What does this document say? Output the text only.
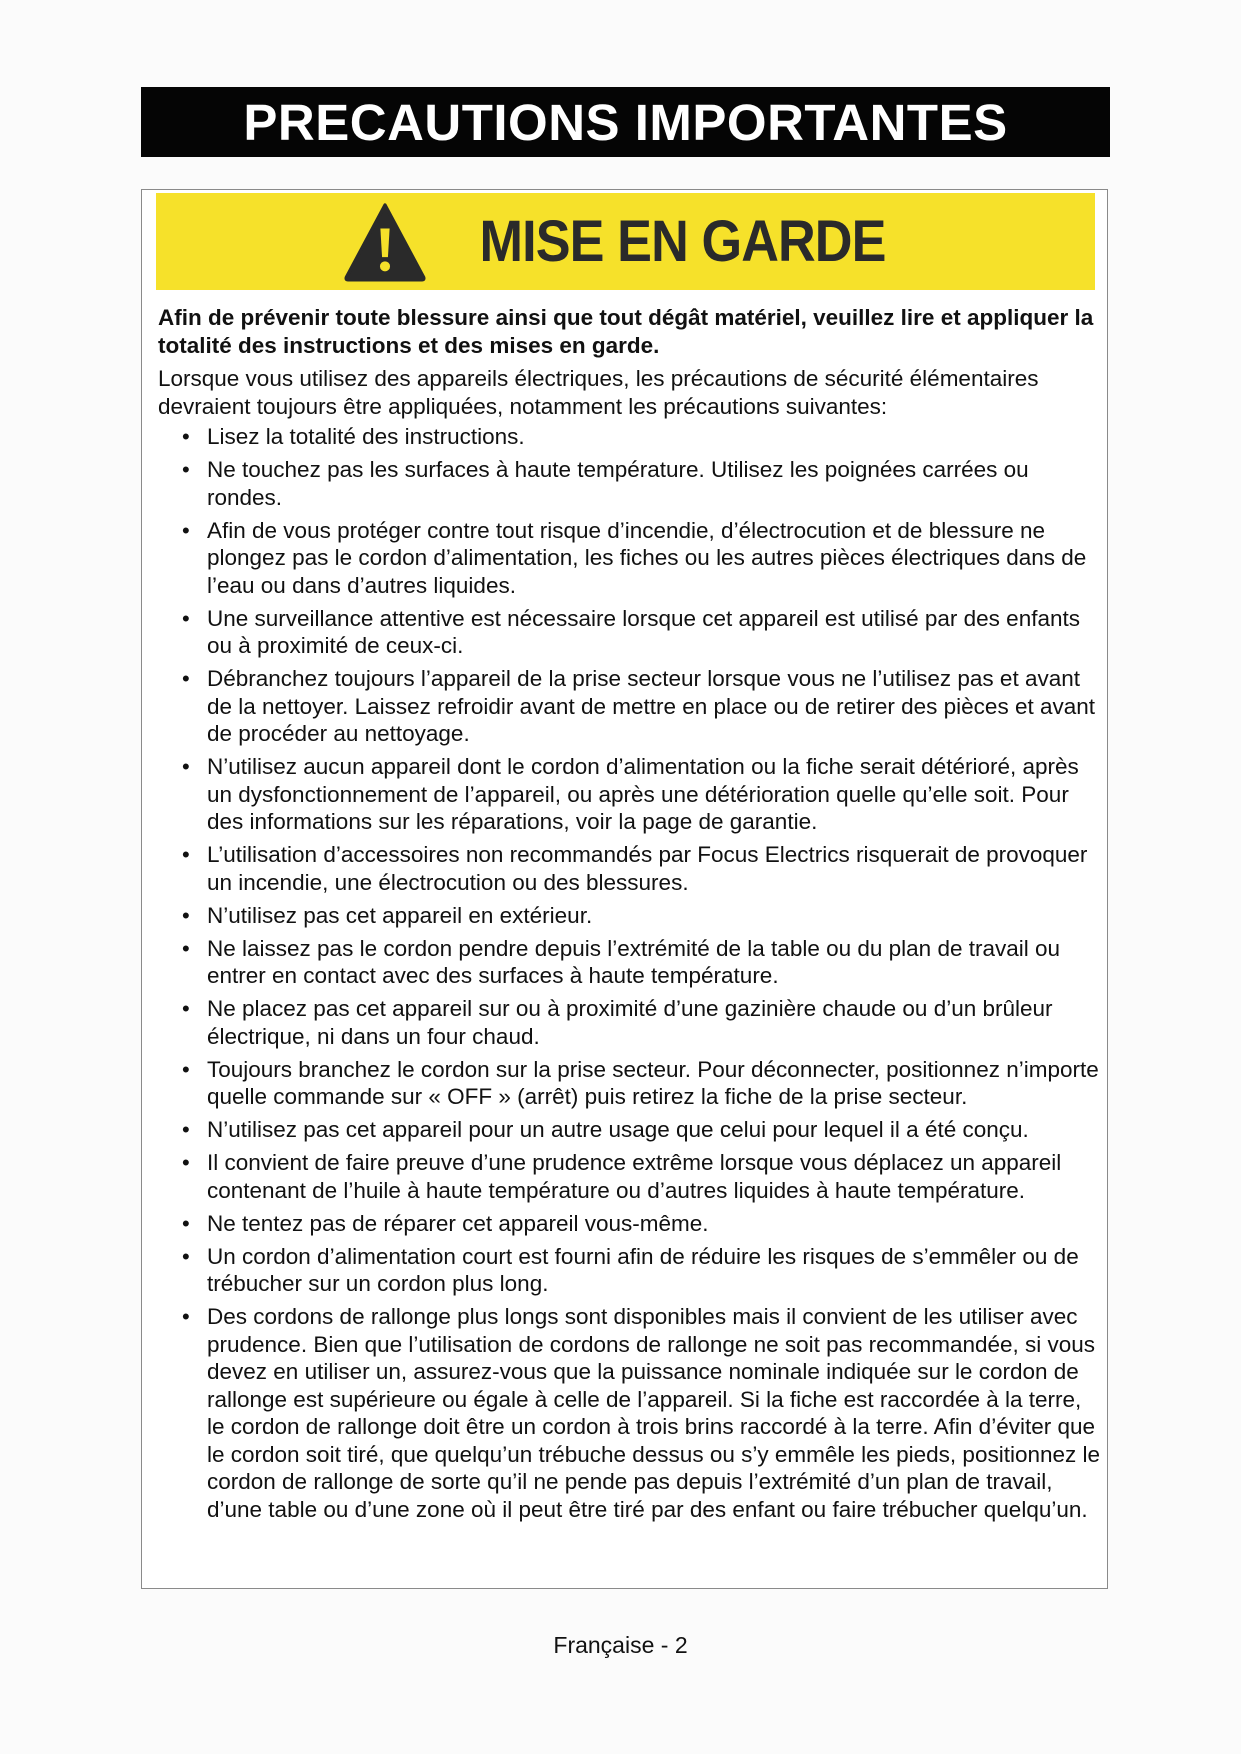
PRECAUTIONS IMPORTANTES
MISE EN GARDE

Afin de prévenir toute blessure ainsi que tout dégât matériel, veuillez lire et appliquer la totalité des instructions et des mises en garde.

Lorsque vous utilisez des appareils électriques, les précautions de sécurité élémentaires devraient toujours être appliquées, notamment les précautions suivantes:

• Lisez la totalité des instructions.
• Ne touchez pas les surfaces à haute température. Utilisez les poignées carrées ou rondes.
• Afin de vous protéger contre tout risque d’incendie, d’électrocution et de blessure ne plongez pas le cordon d’alimentation, les fiches ou les autres pièces électriques dans de l’eau ou dans d’autres liquides.
• Une surveillance attentive est nécessaire lorsque cet appareil est utilisé par des enfants ou à proximité de ceux-ci.
• Débranchez toujours l’appareil de la prise secteur lorsque vous ne l’utilisez pas et avant de la nettoyer. Laissez refroidir avant de mettre en place ou de retirer des pièces et avant de procéder au nettoyage.
• N’utilisez aucun appareil dont le cordon d’alimentation ou la fiche serait détérioré, après un dysfonctionnement de l’appareil, ou après une détérioration quelle qu’elle soit. Pour des informations sur les réparations, voir la page de garantie.
• L’utilisation d’accessoires non recommandés par Focus Electrics risquerait de provoquer un incendie, une électrocution ou des blessures.
• N’utilisez pas cet appareil en extérieur.
• Ne laissez pas le cordon pendre depuis l’extrémité de la table ou du plan de travail ou entrer en contact avec des surfaces à haute température.
• Ne placez pas cet appareil sur ou à proximité d’une gazinière chaude ou d’un brûleur électrique, ni dans un four chaud.
• Toujours branchez le cordon sur la prise secteur. Pour déconnecter, positionnez n’importe quelle commande sur « OFF » (arrêt) puis retirez la fiche de la prise secteur.
• N’utilisez pas cet appareil pour un autre usage que celui pour lequel il a été conçu.
• Il convient de faire preuve d’une prudence extrême lorsque vous déplacez un appareil contenant de l’huile à haute température ou d’autres liquides à haute température.
• Ne tentez pas de réparer cet appareil vous-même.
• Un cordon d’alimentation court est fourni afin de réduire les risques de s’emmêler ou de trébucher sur un cordon plus long.
• Des cordons de rallonge plus longs sont disponibles mais il convient de les utiliser avec prudence. Bien que l’utilisation de cordons de rallonge ne soit pas recommandée, si vous devez en utiliser un, assurez-vous que la puissance nominale indiquée sur le cordon de rallonge est supérieure ou égale à celle de l’appareil. Si la fiche est raccordée à la terre, le cordon de rallonge doit être un cordon à trois brins raccordé à la terre. Afin d’éviter que le cordon soit tiré, que quelqu’un trébuche dessus ou s’y emmêle les pieds, positionnez le cordon de rallonge de sorte qu’il ne pende pas depuis l’extrémité d’un plan de travail, d’une table ou d’une zone où il peut être tiré par des enfant ou faire trébucher quelqu’un.
Française - 2
